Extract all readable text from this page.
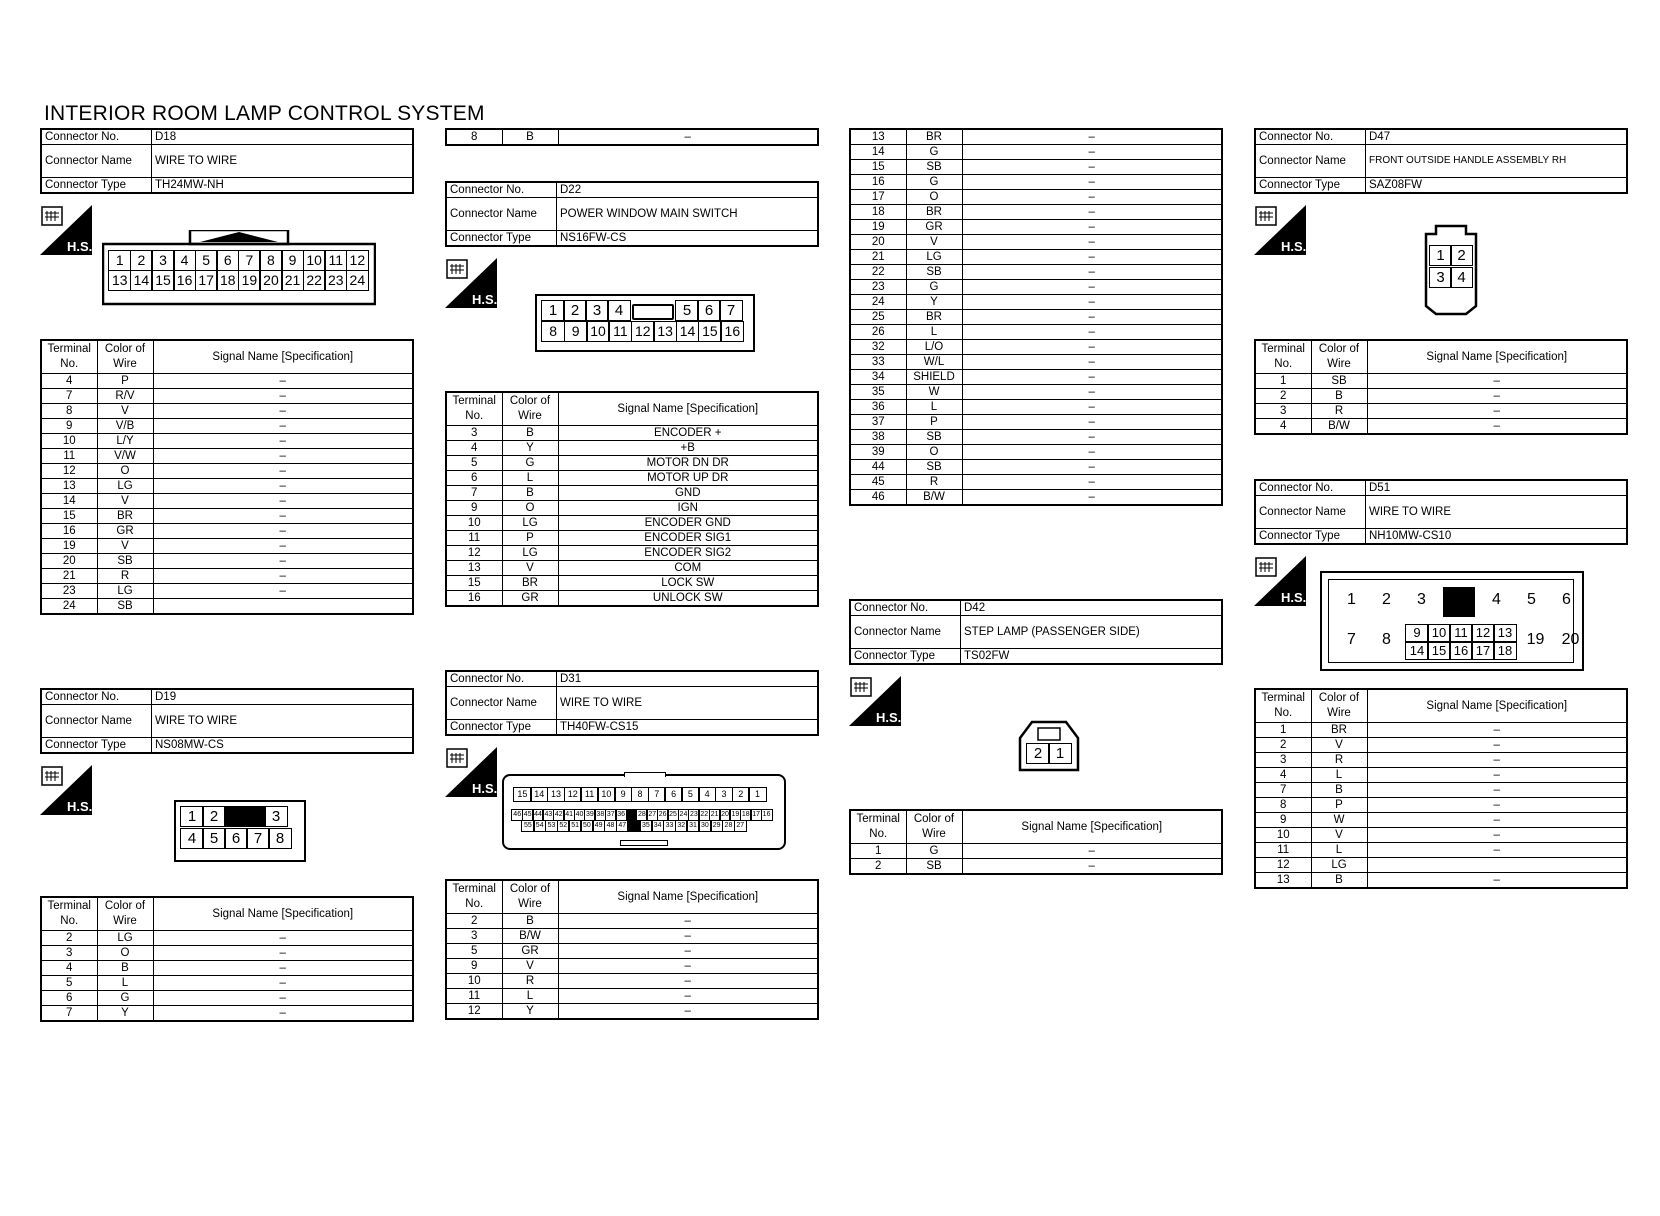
INTERIOR ROOM LAMP CONTROL SYSTEM
Connector No.	D18
Connector Name	WIRE TO WIRE
Connector Type	TH24MW-NH
H.S.
1 2 3 4 5 6 7 8 9 10 11 12
13 14 15 16 17 18 19 20 21 22 23 24
Terminal No.	Color of Wire	Signal Name [Specification]
4	P	–
7	R/V	–
8	V	–
9	V/B	–
10	L/Y	–
11	V/W	–
12	O	–
13	LG	–
14	V	–
15	BR	–
16	GR	–
19	V	–
20	SB	–
21	R	–
23	LG	–
24	SB	
Connector No.	D19
Connector Name	WIRE TO WIRE
Connector Type	NS08MW-CS
H.S.
1 2	3
4 5 6 7 8
Terminal No.	Color of Wire	Signal Name [Specification]
2	LG	–
3	O	–
4	B	–
5	L	–
6	G	–
7	Y	–
8	B	–
Connector No.	D22
Connector Name	POWER WINDOW MAIN SWITCH
Connector Type	NS16FW-CS
H.S.
1 2 3 4	5 6 7
8	9 10 11 12 13 14 15 16
Terminal No.	Color of Wire	Signal Name [Specification]
3	B	ENCODER +
4	Y	+B
5	G	MOTOR DN DR
6	L	MOTOR UP DR
7	B	GND
9	O	IGN
10	LG	ENCODER GND
11	P	ENCODER SIG1
12	LG	ENCODER SIG2
13	V	COM
15	BR	LOCK SW
16	GR	UNLOCK SW
Connector No.	D31
Connector Name	WIRE TO WIRE
Connector Type	TH40FW-CS15
H.S.	15 14 13 12 11 10	9	8	7	6	5	4	3	2	1
46 45 44 43 42 41 40 39 38 37 36 28 27 26 25 24 23 22 21 20 19 18 17 16
55 54 53 52 51 50 49 48 47	35 34 33 32 31 30 29 28 27
Terminal No.	Color of Wire	Signal Name [Specification]
2	B	–
3	B/W	–
5	GR	–
9	V	–
10	R	–
11	L	–
12	Y	–
13	BR	–
14	G	–
15	SB	–
16	G	–
17	O	–
18	BR	–
19	GR	–
20	V	–
21	LG	–
22	SB	–
23	G	–
24	Y	–
25	BR	–
26	L	–
32	L/O	–
33	W/L	–
34	SHIELD	–
35	W	–
36	L	–
37	P	–
38	SB	–
39	O	–
44	SB	–
45	R	–
46	B/W	–
Connector No.	D42
Connector Name	STEP LAMP (PASSENGER SIDE)
Connector Type	TS02FW
H.S.
2 1
Terminal No.	Color of Wire	Signal Name [Specification]
1	G	–
2	SB	–
Connector No.	D47
Connector Name	FRONT OUTSIDE HANDLE ASSEMBLY RH
Connector Type	SAZ08FW
H.S.
1 2
3 4
Terminal No.	Color of Wire	Signal Name [Specification]
1	SB	–
2	B	–
3	R	–
4	B/W	–
Connector No.	D51
Connector Name	WIRE TO WIRE
Connector Type	NH10MW-CS10
H.S.	1	2	3	4	5	6
7	8	9 10 11 12 13
14 15 16 17 18
19	20
Terminal No.	Color of Wire	Signal Name [Specification]
1	BR	–
2	V	–
3	R	–
4	L	–
7	B	–
8	P	–
9	W	–
10	V	–
11	L	–
12	LG	
13	B	–
